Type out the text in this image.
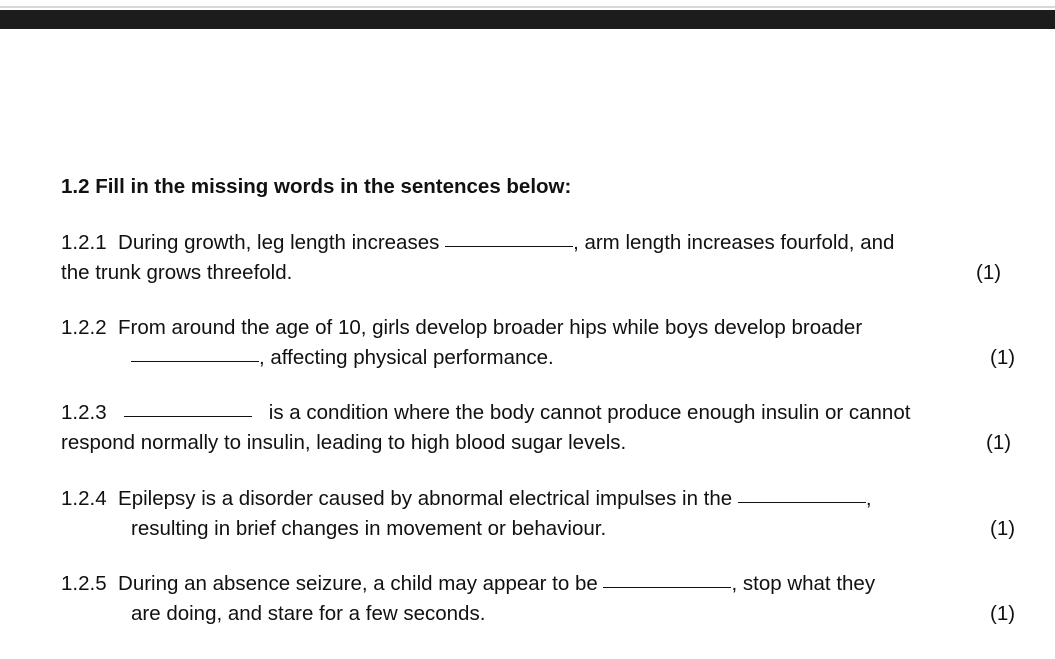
1.2 Fill in the missing words in the sentences below:
1.2.1 During growth, leg length increases	, arm length increases fourfold, and
the trunk grows threefold.	(1)
1.2.2 From around the age of 10, girls develop broader hips while boys develop broader
, affecting physical performance.	(1)
1.2.3	is a condition where the body cannot produce enough insulin or cannot
respond normally to insulin, leading to high blood sugar levels.	(1)
1.2.4 Epilepsy is a disorder caused by abnormal electrical impulses in the	,
resulting in brief changes in movement or behaviour.	(1)
1.2.5 During an absence seizure, a child may appear to be	, stop what they
are doing, and stare for a few seconds.	(1)
